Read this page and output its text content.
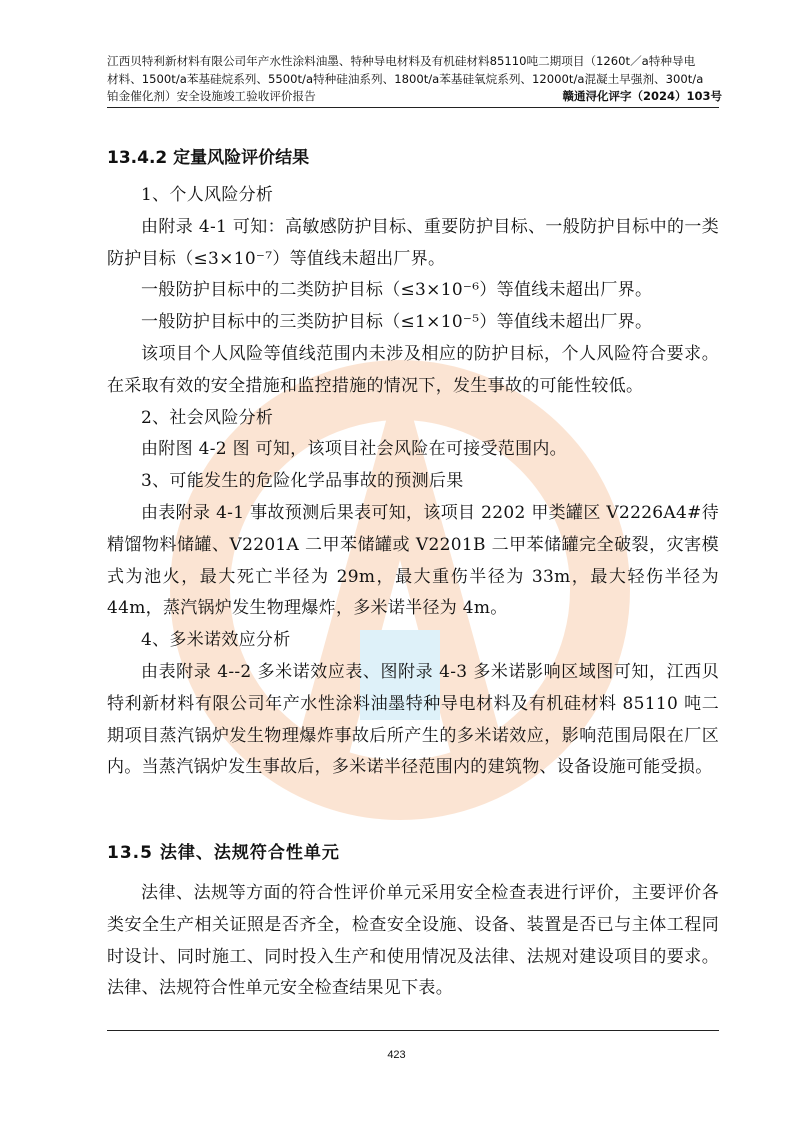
江西贝特利新材料有限公司年产水性涂料油墨、特种导电材料及有机硅材料85110吨二期项目（1260t／a特种导电
材料、1500t/a苯基硅烷系列、5500t/a特种硅油系列、1800t/a苯基硅氧烷系列、12000t/a混凝土早强剂、300t/a
铂金催化剂）安全设施竣工验收评价报告	赣通浔化评字（2024）103号
13.4.2 定量风险评价结果

1、个人风险分析

由附录 4-1 可知：高敏感防护目标、重要防护目标、一般防护目标中的一类防护目标（≤3×10⁻⁷）等值线未超出厂界。

一般防护目标中的二类防护目标（≤3×10⁻⁶）等值线未超出厂界。

一般防护目标中的三类防护目标（≤1×10⁻⁵）等值线未超出厂界。

该项目个人风险等值线范围内未涉及相应的防护目标，个人风险符合要求。在采取有效的安全措施和监控措施的情况下，发生事故的可能性较低。

2、社会风险分析

由附图 4-2 图 可知，该项目社会风险在可接受范围内。

3、可能发生的危险化学品事故的预测后果

由表附录 4-1 事故预测后果表可知，该项目 2202 甲类罐区 V2226A4#待精馏物料储罐、V2201A 二甲苯储罐或 V2201B 二甲苯储罐完全破裂，灾害模式为池火，最大死亡半径为 29m，最大重伤半径为 33m，最大轻伤半径为 44m，蒸汽锅炉发生物理爆炸，多米诺半径为 4m。

4、多米诺效应分析

由表附录 4--2 多米诺效应表、图附录 4-3 多米诺影响区域图可知，江西贝特利新材料有限公司年产水性涂料油墨特种导电材料及有机硅材料 85110 吨二期项目蒸汽锅炉发生物理爆炸事故后所产生的多米诺效应，影响范围局限在厂区内。当蒸汽锅炉发生事故后，多米诺半径范围内的建筑物、设备设施可能受损。

13.5 法律、法规符合性单元

法律、法规等方面的符合性评价单元采用安全检查表进行评价，主要评价各类安全生产相关证照是否齐全，检查安全设施、设备、装置是否已与主体工程同时设计、同时施工、同时投入生产和使用情况及法律、法规对建设项目的要求。法律、法规符合性单元安全检查结果见下表。

423
